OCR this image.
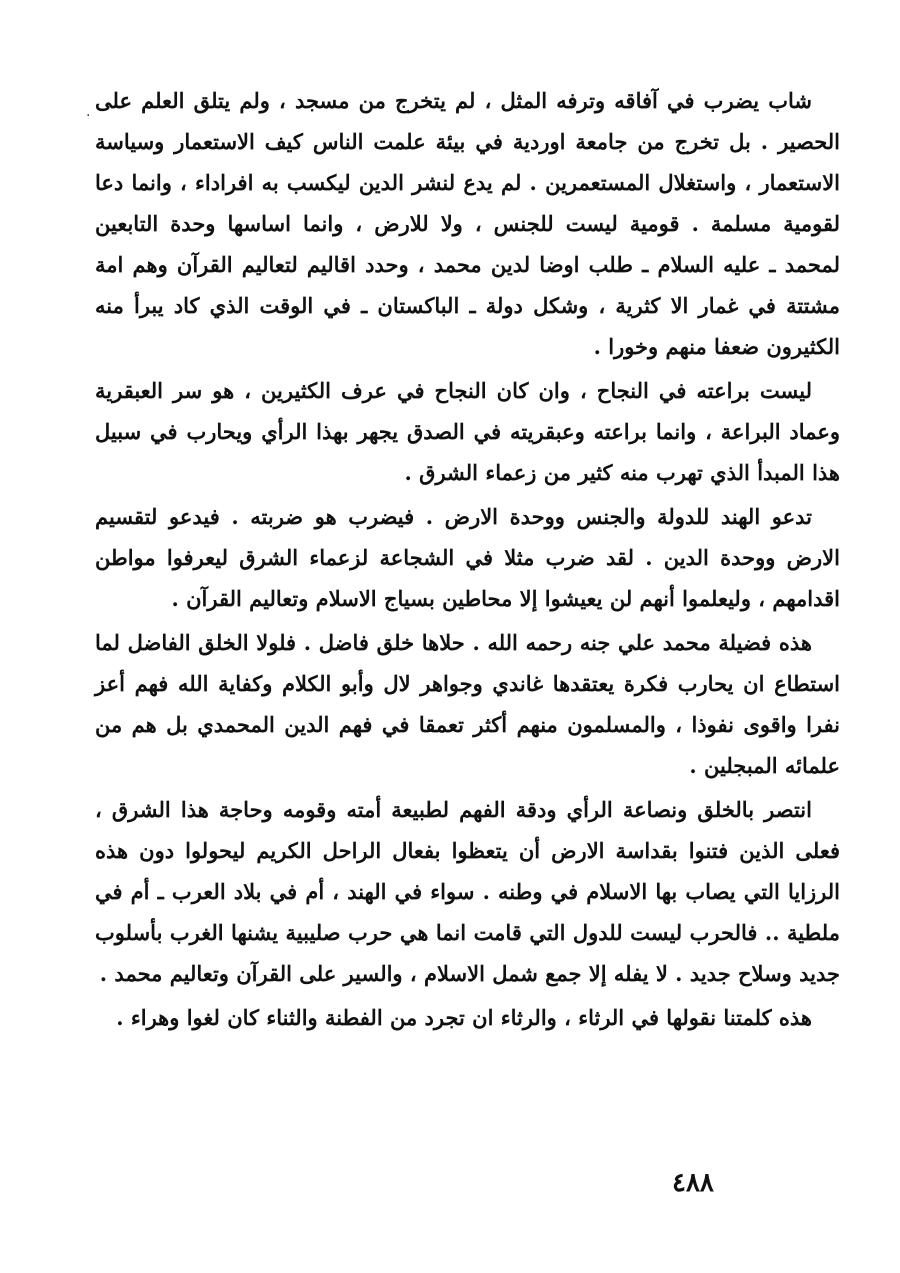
·

شاب يضرب في آفاقه وترفه المثل ، لم يتخرج من مسجد ، ولم يتلق العلم على الحصير . بل تخرج من جامعة اوردية في بيئة علمت الناس كيف الاستعمار وسياسة الاستعمار ، واستغلال المستعمرين . لم يدع لنشر الدين ليكسب به افراداء ، وانما دعا لقومية مسلمة . قومية ليست للجنس ، ولا للارض ، وانما اساسها وحدة التابعين لمحمد ـ عليه السلام ـ طلب اوضا لدين محمد ، وحدد اقاليم لتعاليم القرآن وهم امة مشتتة في غمار الا كثرية ، وشكل دولة ـ الباكستان ـ في الوقت الذي كاد يبرأ منه الكثيرون ضعفا منهم وخورا .

ليست براعته في النجاح ، وان كان النجاح في عرف الكثيرين ، هو سر العبقرية وعماد البراعة ، وانما براعته وعبقريته في الصدق يجهر بهذا الرأي ويحارب في سبيل هذا المبدأ الذي تهرب منه كثير من زعماء الشرق .

تدعو الهند للدولة والجنس ووحدة الارض . فيضرب هو ضربته . فيدعو لتقسيم الارض ووحدة الدين . لقد ضرب مثلا في الشجاعة لزعماء الشرق ليعرفوا مواطن اقدامهم ، وليعلموا أنهم لن يعيشوا إلا محاطين بسياج الاسلام وتعاليم القرآن .

هذه فضيلة محمد علي جنه رحمه الله . حلاها خلق فاضل . فلولا الخلق الفاضل لما استطاع ان يحارب فكرة يعتقدها غاندي وجواهر لال وأبو الكلام وكفاية الله فهم أعز نفرا واقوى نفوذا ، والمسلمون منهم أكثر تعمقا في فهم الدين المحمدي بل هم من علمائه المبجلين .

انتصر بالخلق ونصاعة الرأي ودقة الفهم لطبيعة أمته وقومه وحاجة هذا الشرق ، فعلى الذين فتنوا بقداسة الارض أن يتعظوا بفعال الراحل الكريم ليحولوا دون هذه الرزايا التي يصاب بها الاسلام في وطنه . سواء في الهند ، أم في بلاد العرب ـ أم في ملطية .. فالحرب ليست للدول التي قامت انما هي حرب صليبية يشنها الغرب بأسلوب جديد وسلاح جديد . لا يفله إلا جمع شمل الاسلام ، والسير على القرآن وتعاليم محمد .

هذه كلمتنا نقولها في الرثاء ، والرثاء ان تجرد من الفطنة والثناء كان لغوا وهراء .

٤٨٨
